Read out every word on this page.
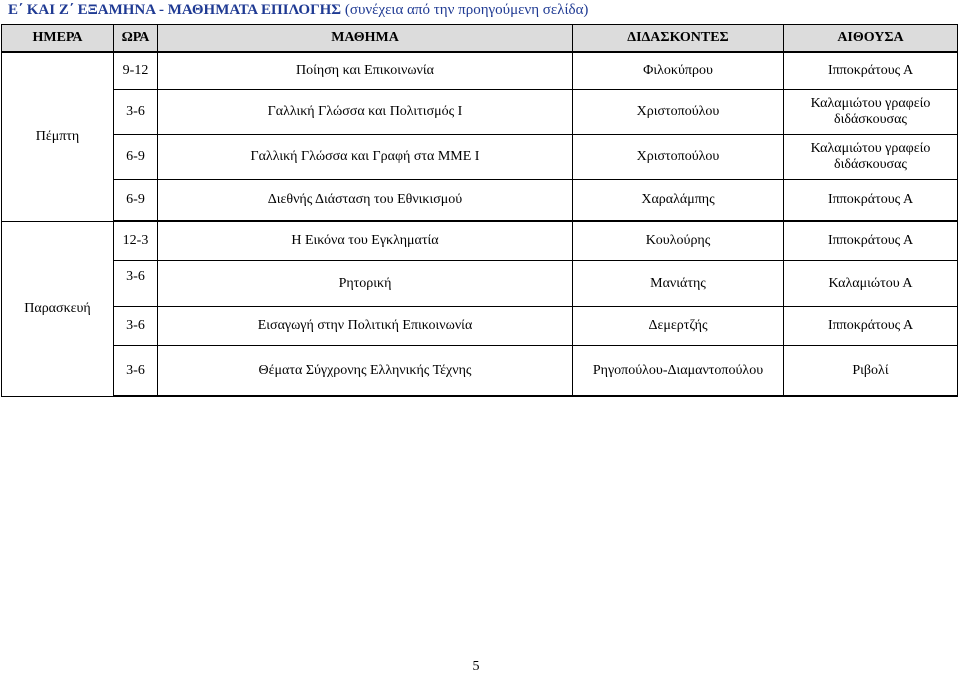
Ε΄ ΚΑΙ Ζ΄ ΕΞΑΜΗΝΑ - ΜΑΘΗΜΑΤΑ ΕΠΙΛΟΓΗΣ (συνέχεια από την προηγούμενη σελίδα)
ΗΜΕΡΑ	ΩΡΑ	ΜΑΘΗΜΑ	ΔΙΔΑΣΚΟΝΤΕΣ	ΑΙΘΟΥΣΑ
Πέμπτη	9-12	Ποίηση και Επικοινωνία	Φιλοκύπρου	Ιπποκράτους Α
	3-6	Γαλλική Γλώσσα και Πολιτισμός Ι	Χριστοπούλου	Καλαμιώτου γραφείο διδάσκουσας
	6-9	Γαλλική Γλώσσα και Γραφή στα ΜΜΕ Ι	Χριστοπούλου	Καλαμιώτου γραφείο διδάσκουσας
	6-9	Διεθνής Διάσταση του Εθνικισμού	Χαραλάμπης	Ιπποκράτους Α
Παρασκευή	12-3	Η Εικόνα του Εγκληματία	Κουλούρης	Ιπποκράτους Α
	3-6	Ρητορική	Μανιάτης	Καλαμιώτου Α
	3-6	Εισαγωγή στην Πολιτική Επικοινωνία	Δεμερτζής	Ιπποκράτους Α
	3-6	Θέματα Σύγχρονης Ελληνικής Τέχνης	Ρηγοπούλου-Διαμαντοπούλου	Ριβολί
5
